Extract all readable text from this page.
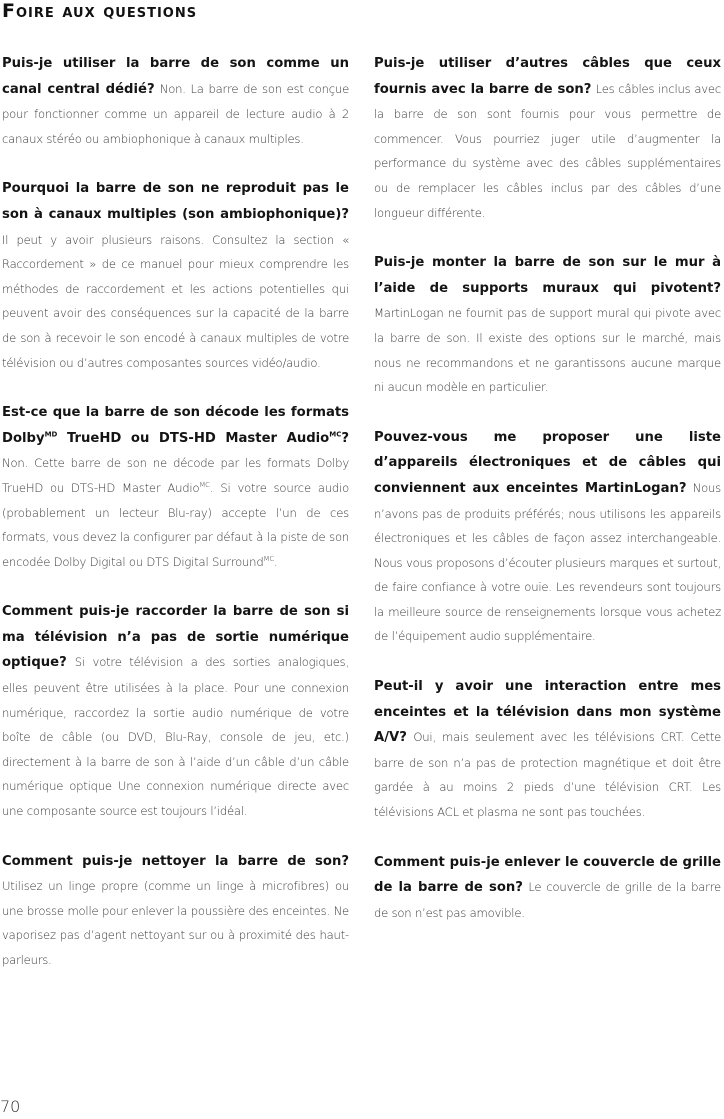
Foire aux questions

Puis-je utiliser la barre de son comme un canal central dédié? Non. La barre de son est conçue pour fonctionner comme un appareil de lecture audio à 2 canaux stéréo ou ambiophonique à canaux multiples.

Pourquoi la barre de son ne reproduit pas le son à canaux multiples (son ambiophonique)? Il peut y avoir plusieurs raisons. Consultez la section « Raccordement » de ce manuel pour mieux comprendre les méthodes de raccordement et les actions potentielles qui peuvent avoir des conséquences sur la capacité de la barre de son à recevoir le son encodé à canaux multiples de votre télévision ou d’autres composantes sources vidéo/audio.

Est-ce que la barre de son décode les formats Dolby$^{MD}$ TrueHD ou DTS-HD Master Audio$^{MC}$? Non. Cette barre de son ne décode par les formats Dolby TrueHD ou DTS-HD Master Audio$^{MC}$. Si votre source audio (probablement un lecteur Blu-ray) accepte l’un de ces formats, vous devez la configurer par défaut à la piste de son encodée Dolby Digital ou DTS Digital Surround$^{MC}$.

Comment puis-je raccorder la barre de son si ma télévision n’a pas de sortie numérique optique? Si votre télévision a des sorties analogiques, elles peuvent être utilisées à la place. Pour une connexion numérique, raccordez la sortie audio numérique de votre boîte de câble (ou DVD, Blu-Ray, console de jeu, etc.) directement à la barre de son à l’aide d’un câble d’un câble numérique optique Une connexion numérique directe avec une composante source est toujours l’idéal.

Comment puis-je nettoyer la barre de son? Utilisez un linge propre (comme un linge à microfibres) ou une brosse molle pour enlever la poussière des enceintes. Ne vaporisez pas d’agent nettoyant sur ou à proximité des haut-parleurs.

Puis-je utiliser d’autres câbles que ceux fournis avec la barre de son? Les câbles inclus avec la barre de son sont fournis pour vous permettre de commencer. Vous pourriez juger utile d’augmenter la performance du système avec des câbles supplémentaires ou de remplacer les câbles inclus par des câbles d’une longueur différente.

Puis-je monter la barre de son sur le mur à l’aide de supports muraux qui pivotent? MartinLogan ne fournit pas de support mural qui pivote avec la barre de son. Il existe des options sur le marché, mais nous ne recommandons et ne garantissons aucune marque ni aucun modèle en particulier.

Pouvez-vous me proposer une liste d’appareils électroniques et de câbles qui conviennent aux enceintes MartinLogan? Nous n’avons pas de produits préférés; nous utilisons les appareils électroniques et les câbles de façon assez interchangeable. Nous vous proposons d’écouter plusieurs marques et surtout, de faire confiance à votre ouïe. Les revendeurs sont toujours la meilleure source de renseignements lorsque vous achetez de l’équipement audio supplémentaire.

Peut-il y avoir une interaction entre mes enceintes et la télévision dans mon système A/V? Oui, mais seulement avec les télévisions CRT. Cette barre de son n’a pas de protection magnétique et doit être gardée à au moins 2 pieds d’une télévision CRT. Les télévisions ACL et plasma ne sont pas touchées.

Comment puis-je enlever le couvercle de grille de la barre de son? Le couvercle de grille de la barre de son n’est pas amovible.

70
